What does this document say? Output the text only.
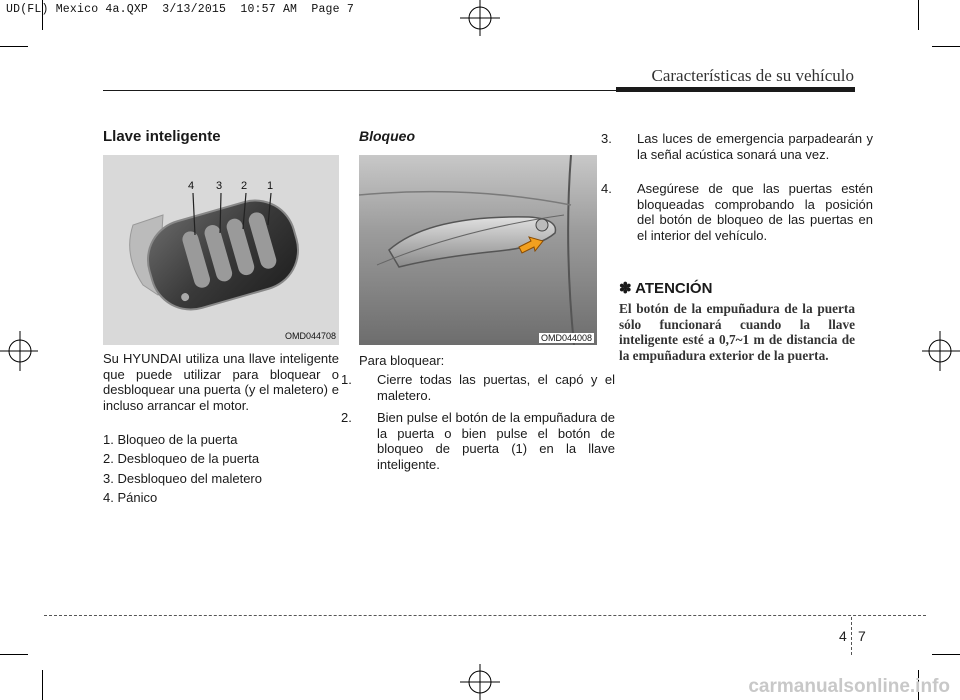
UD(FL) Mexico 4a.QXP  3/13/2015  10:57 AM  Page 7
Características de su vehículo
Llave inteligente
4 3 2 1
OMD044708
Su HYUNDAI utiliza una llave inteligente que puede utilizar para bloquear o desbloquear una puerta (y el maletero) e incluso arrancar el motor.
1. Bloqueo de la puerta
2. Desbloqueo de la puerta
3. Desbloqueo del maletero
4. Pánico
Bloqueo
OMD044008
Para bloquear:
1. Cierre todas las puertas, el capó y el maletero.
2. Bien pulse el botón de la empuñadura de la puerta o bien pulse el botón de bloqueo de puerta (1) en la llave inteligente.
3. Las luces de emergencia parpadearán y la señal acústica sonará una vez.
4. Asegúrese de que las puertas estén bloqueadas comprobando la posición del botón de bloqueo de las puertas en el interior del vehículo.
✽ ATENCIÓN
El botón de la empuñadura de la puerta sólo funcionará cuando la llave inteligente esté a 0,7~1 m de distancia de la empuñadura exterior de la puerta.
4 7
carmanualsonline.info
